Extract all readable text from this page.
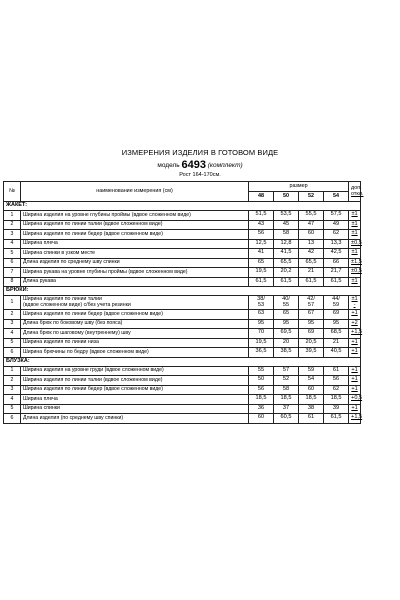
ИЗМЕРЕНИЯ ИЗДЕЛИЯ В ГОТОВОМ ВИДЕ
модель 6493 (комплект)
Рост 164-170см.
№	наименование измерения (см)	размер				доп.
откл.
		48	50	52	54	
ЖАКЕТ:						
1	Ширина изделия на уровне глубины проймы (вдвое сложенном виде)	51,5	53,5	55,5	57,5	±1

2	Ширина изделия по линии талии (вдвое сложенном виде)	43	45	47	49	±1

3	Ширина изделия по линии бедер (вдвое сложенном виде)	56	58	60	62	±1

4	Ширина плеча	12,5	12,8	13	13,3	±0,5

5	Ширина спинки в узком месте	41	41,5	42	42,5	±1

6	Длина изделия по среднему шву спинки	65	65,5	65,5	66	±1,5

7	Ширина рукава на уровне глубины проймы (вдвое сложенном виде)	19,5	20,2	21	21,7	±0,5

8	Длина рукава	61,5	61,5	61,5	61,5	±1

БРЮКИ:						
1	Ширина изделия по линии талии
(вдвое сложенном виде) с/без учета резинки	38/
53	40/
55	42/
57	44/
59	±1
-

2	Ширина изделия по линии бедер (вдвое сложенном виде)	63	65	67	69	+1

3	Длина брюк по боковому шву (без пояса)	95	95	95	95	+2

4	Длина брюк по шаговому (внутреннему) шву	70	69,5	69	68,5	+1,5

5	Ширина изделия по линии низа	19,5	20	20,5	21	+1

6	Ширина брючины по бедру (вдвое сложенном виде)	36,5	38,5	39,5	40,5	+1

БЛУЗКА:						
1	Ширина изделия на уровне груди (вдвое сложенном виде)	55	57	59	61	+1

2	Ширина изделия по линии талии (вдвое сложенном виде)	50	52	54	56	+1

3	Ширина изделия по линии бедер (вдвое сложенном виде)	56	58	60	62	+1

4	Ширина плеча	18,5	18,5	18,5	18,5	+0,5

5	Ширина спинки	36	37	38	39	+1

6	Длина изделия (по среднему шву спинки)	60	60,5	61	61,5	+1,5
